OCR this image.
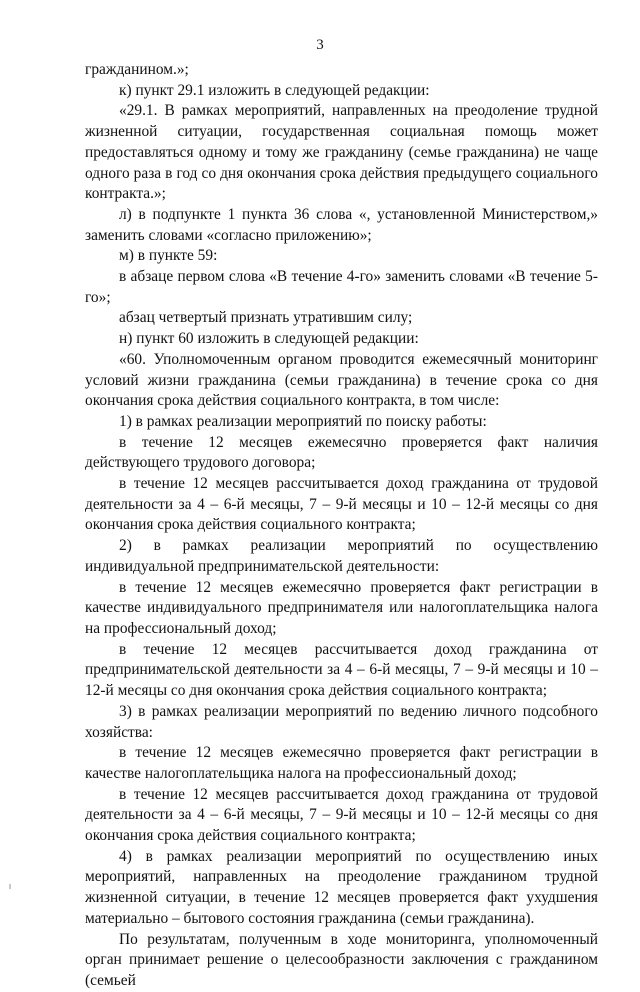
3

гражданином.»;

к) пункт 29.1 изложить в следующей редакции:

«29.1. В рамках мероприятий, направленных на преодоление трудной жизненной ситуации, государственная социальная помощь может предоставляться одному и тому же гражданину (семье гражданина) не чаще одного раза в год со дня окончания срока действия предыдущего социального контракта.»;

л) в подпункте 1 пункта 36 слова «, установленной Министерством,» заменить словами «согласно приложению»;

м) в пункте 59:

в абзаце первом слова «В течение 4-го» заменить словами «В течение 5-го»;

абзац четвертый признать утратившим силу;

н) пункт 60 изложить в следующей редакции:

«60. Уполномоченным органом проводится ежемесячный мониторинг условий жизни гражданина (семьи гражданина) в течение срока со дня окончания срока действия социального контракта, в том числе:

1) в рамках реализации мероприятий по поиску работы:

в течение 12 месяцев ежемесячно проверяется факт наличия действующего трудового договора;

в течение 12 месяцев рассчитывается доход гражданина от трудовой деятельности за 4 – 6-й месяцы, 7 – 9-й месяцы и 10 – 12-й месяцы со дня окончания срока действия социального контракта;

2) в рамках реализации мероприятий по осуществлению индивидуальной предпринимательской деятельности:

в течение 12 месяцев ежемесячно проверяется факт регистрации в качестве индивидуального предпринимателя или налогоплательщика налога на профессиональный доход;

в течение 12 месяцев рассчитывается доход гражданина от предпринимательской деятельности за 4 – 6-й месяцы, 7 – 9-й месяцы и 10 – 12-й месяцы со дня окончания срока действия социального контракта;

3) в рамках реализации мероприятий по ведению личного подсобного хозяйства:

в течение 12 месяцев ежемесячно проверяется факт регистрации в качестве налогоплательщика налога на профессиональный доход;

в течение 12 месяцев рассчитывается доход гражданина от трудовой деятельности за 4 – 6-й месяцы, 7 – 9-й месяцы и 10 – 12-й месяцы со дня окончания срока действия социального контракта;

4) в рамках реализации мероприятий по осуществлению иных мероприятий, направленных на преодоление гражданином трудной жизненной ситуации, в течение 12 месяцев проверяется факт ухудшения материально – бытового состояния гражданина (семьи гражданина).

По результатам, полученным в ходе мониторинга, уполномоченный орган принимает решение о целесообразности заключения с гражданином (семьей
